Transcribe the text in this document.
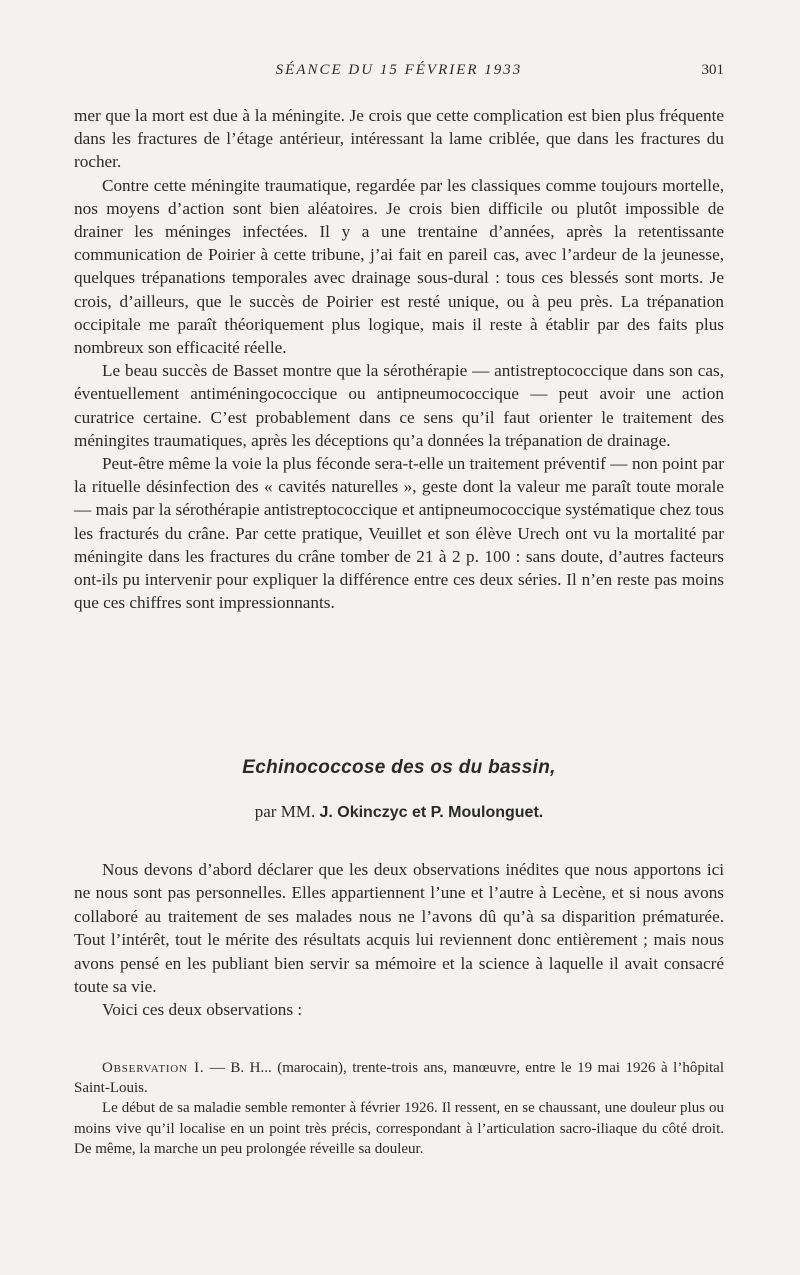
SÉANCE DU 15 FÉVRIER 1933	301

mer que la mort est due à la méningite. Je crois que cette complication est bien plus fréquente dans les fractures de l’étage antérieur, intéressant la lame criblée, que dans les fractures du rocher.

Contre cette méningite traumatique, regardée par les classiques comme toujours mortelle, nos moyens d’action sont bien aléatoires. Je crois bien difficile ou plutôt impossible de drainer les méninges infectées. Il y a une trentaine d’années, après la retentissante communication de Poirier à cette tribune, j’ai fait en pareil cas, avec l’ardeur de la jeunesse, quelques trépanations temporales avec drainage sous-dural : tous ces blessés sont morts. Je crois, d’ailleurs, que le succès de Poirier est resté unique, ou à peu près. La trépanation occipitale me paraît théoriquement plus logique, mais il reste à établir par des faits plus nombreux son efficacité réelle.

Le beau succès de Basset montre que la sérothérapie — antistreptococcique dans son cas, éventuellement antiméningococcique ou antipneumococcique — peut avoir une action curatrice certaine. C’est probablement dans ce sens qu’il faut orienter le traitement des méningites traumatiques, après les déceptions qu’a données la trépanation de drainage.

Peut-être même la voie la plus féconde sera-t-elle un traitement préventif — non point par la rituelle désinfection des « cavités naturelles », geste dont la valeur me paraît toute morale — mais par la sérothérapie antistreptococcique et antipneumococcique systématique chez tous les fracturés du crâne. Par cette pratique, Veuillet et son élève Urech ont vu la mortalité par méningite dans les fractures du crâne tomber de 21 à 2 p. 100 : sans doute, d’autres facteurs ont-ils pu intervenir pour expliquer la différence entre ces deux séries. Il n’en reste pas moins que ces chiffres sont impressionnants.

Echinococcose des os du bassin,
par MM. J. Okinczyc et P. Moulonguet.

Nous devons d’abord déclarer que les deux observations inédites que nous apportons ici ne nous sont pas personnelles. Elles appartiennent l’une et l’autre à Lecène, et si nous avons collaboré au traitement de ses malades nous ne l’avons dû qu’à sa disparition prématurée. Tout l’intérêt, tout le mérite des résultats acquis lui reviennent donc entièrement ; mais nous avons pensé en les publiant bien servir sa mémoire et la science à laquelle il avait consacré toute sa vie.

Voici ces deux observations :

Observation I. — B. H... (marocain), trente-trois ans, manœuvre, entre le 19 mai 1926 à l’hôpital Saint-Louis.

Le début de sa maladie semble remonter à février 1926. Il ressent, en se chaussant, une douleur plus ou moins vive qu’il localise en un point très précis, correspondant à l’articulation sacro-iliaque du côté droit. De même, la marche un peu prolongée réveille sa douleur.
